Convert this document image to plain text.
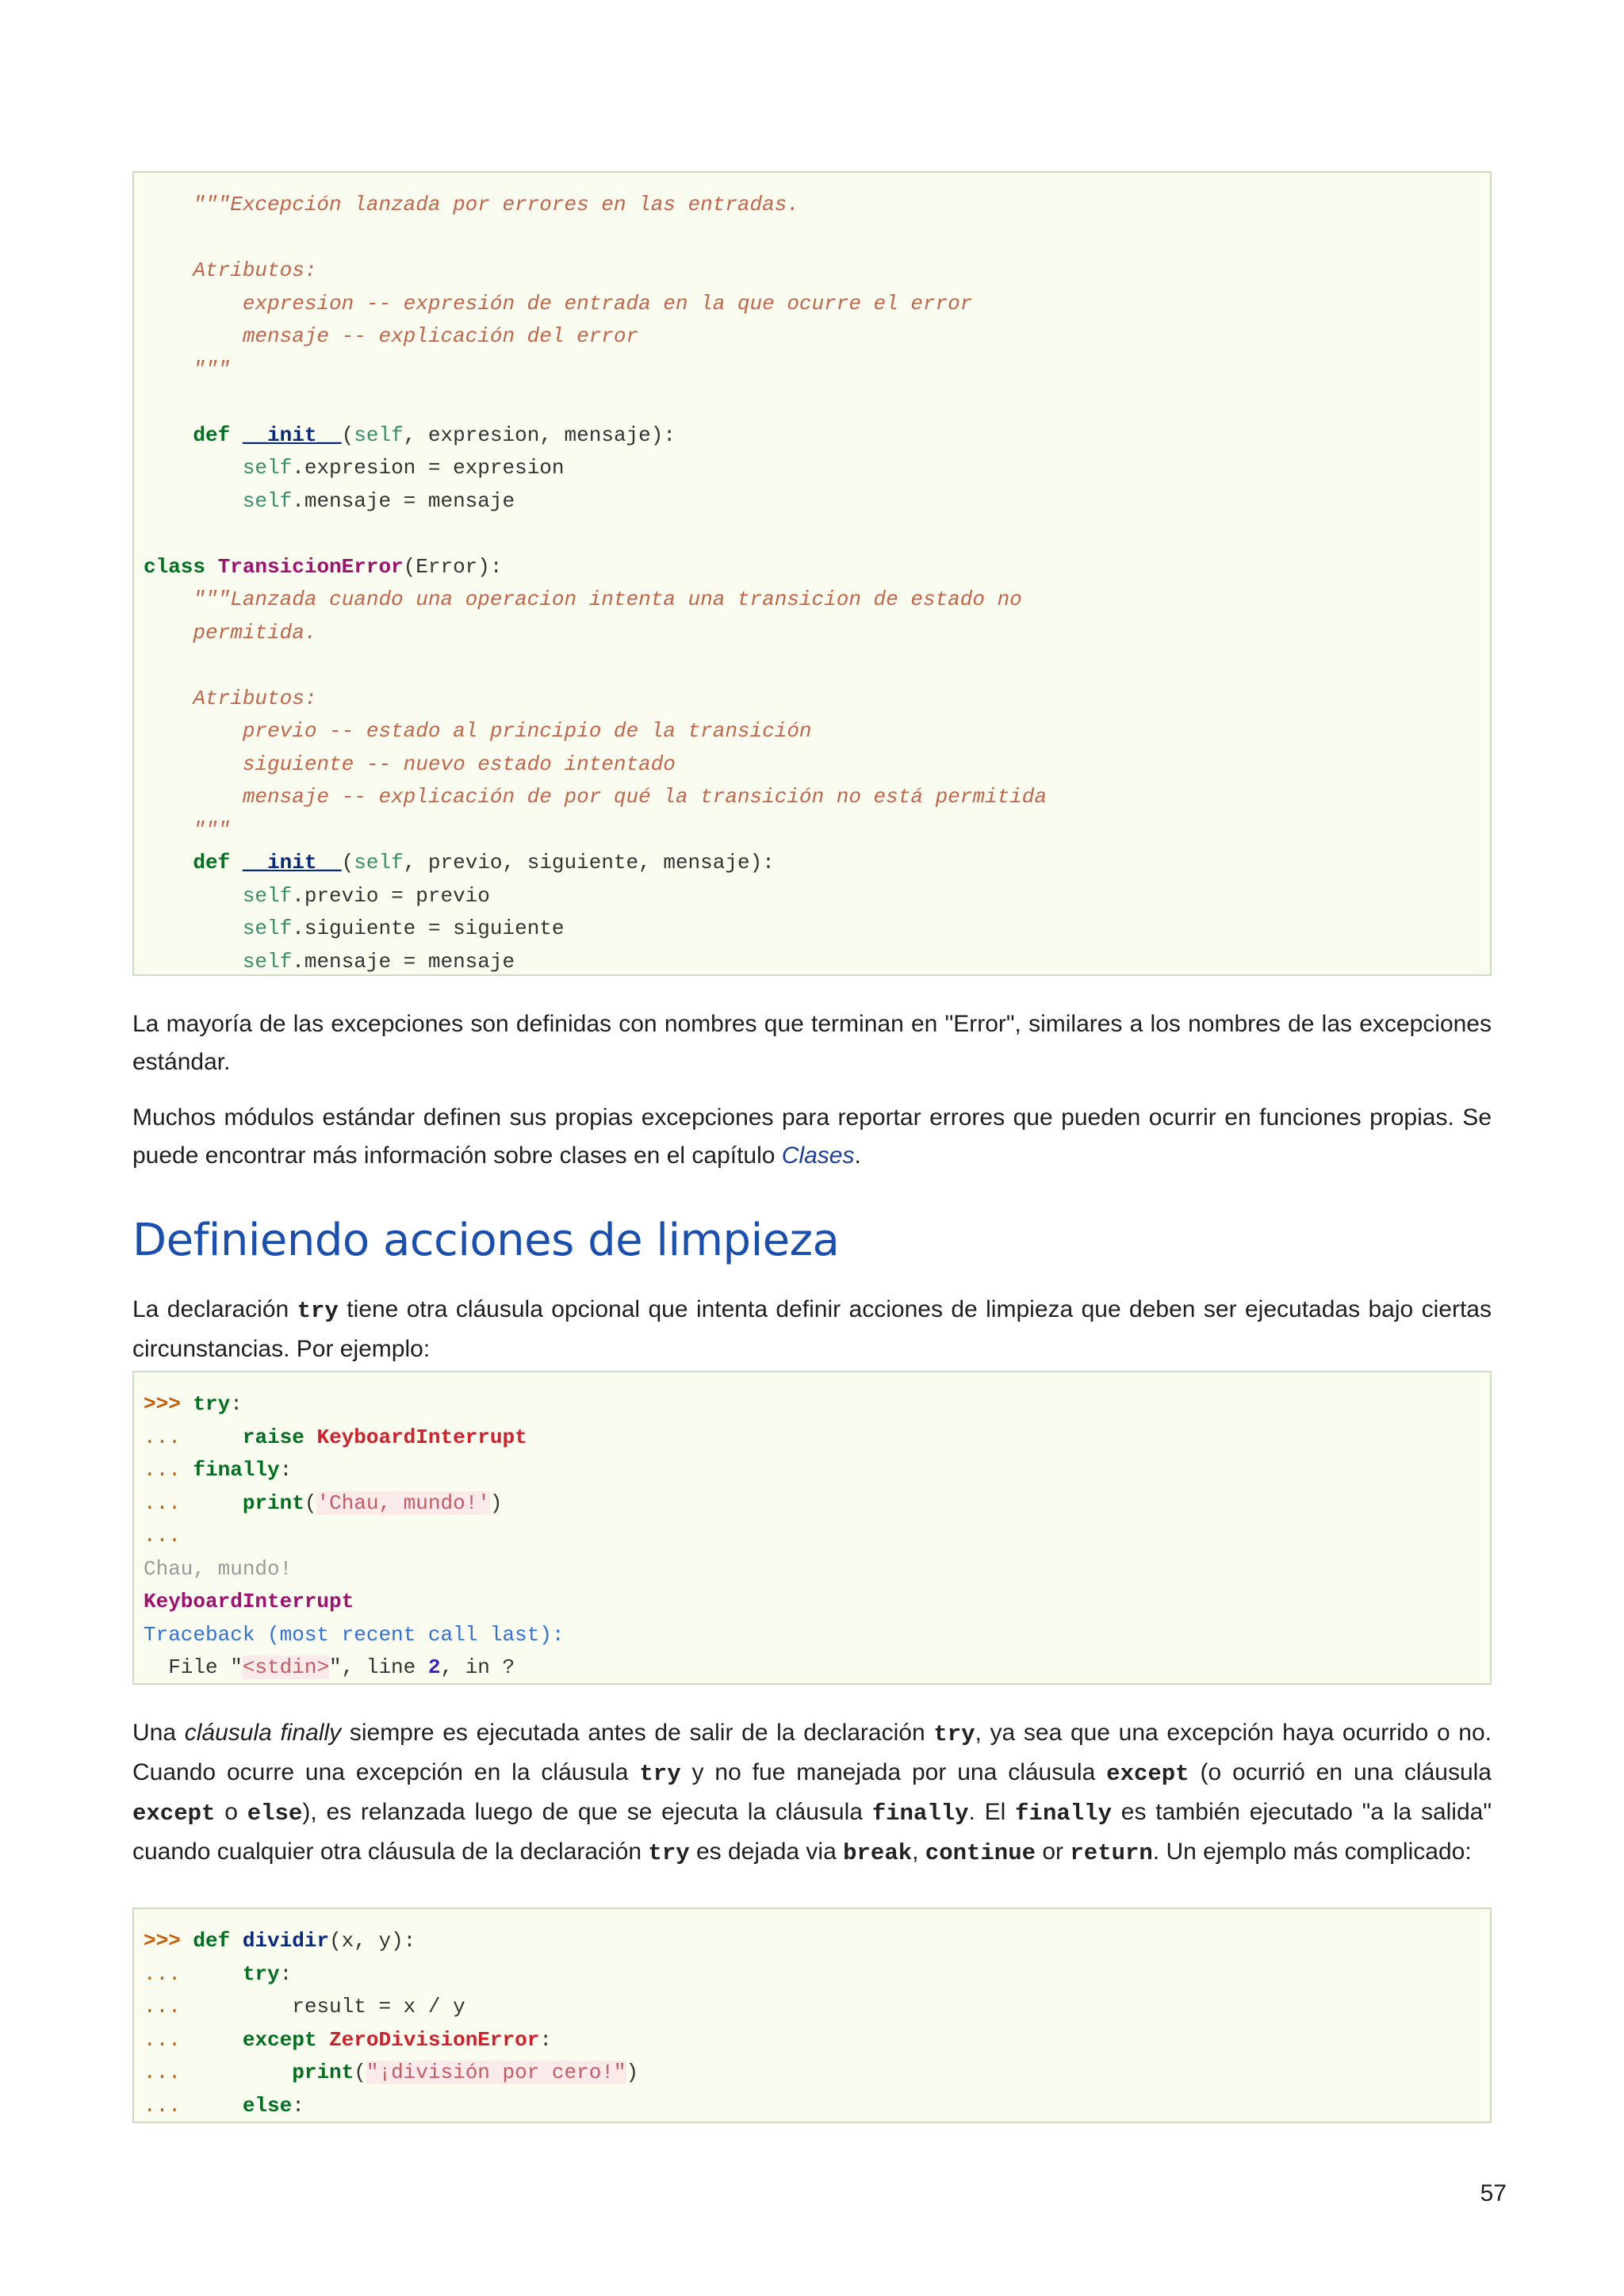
"""Excepción lanzada por errores en las entradas.
Atributos:
expresion -- expresión de entrada en la que ocurre el error
mensaje -- explicación del error
"""
def __init__(self, expresion, mensaje):
self.expresion = expresion
self.mensaje = mensaje
class TransicionError(Error):
"""Lanzada cuando una operacion intenta una transicion de estado no
permitida.
Atributos:
previo -- estado al principio de la transición
siguiente -- nuevo estado intentado
mensaje -- explicación de por qué la transición no está permitida
"""
def __init__(self, previo, siguiente, mensaje):
self.previo = previo
self.siguiente = siguiente
self.mensaje = mensaje

La mayoría de las excepciones son definidas con nombres que terminan en "Error", similares a los nombres de las excepciones estándar.

Muchos módulos estándar definen sus propias excepciones para reportar errores que pueden ocurrir en funciones propias. Se puede encontrar más información sobre clases en el capítulo Clases.

Definiendo acciones de limpieza

La declaración try tiene otra cláusula opcional que intenta definir acciones de limpieza que deben ser ejecutadas bajo ciertas circunstancias. Por ejemplo:

>>> try:
...     raise KeyboardInterrupt
... finally:
...     print('Chau, mundo!')
...
Chau, mundo!
KeyboardInterrupt
Traceback (most recent call last):
File "<stdin>", line 2, in ?

Una cláusula finally siempre es ejecutada antes de salir de la declaración try, ya sea que una excepción haya ocurrido o no. Cuando ocurre una excepción en la cláusula try y no fue manejada por una cláusula except (o ocurrió en una cláusula except o else), es relanzada luego de que se ejecuta la cláusula finally. El finally es también ejecutado "a la salida" cuando cualquier otra cláusula de la declaración try es dejada via break, continue or return. Un ejemplo más complicado:

>>> def dividir(x, y):
...     try:
...         result = x / y
...     except ZeroDivisionError:
...	print("¡división por cero!")
...     else:
57
